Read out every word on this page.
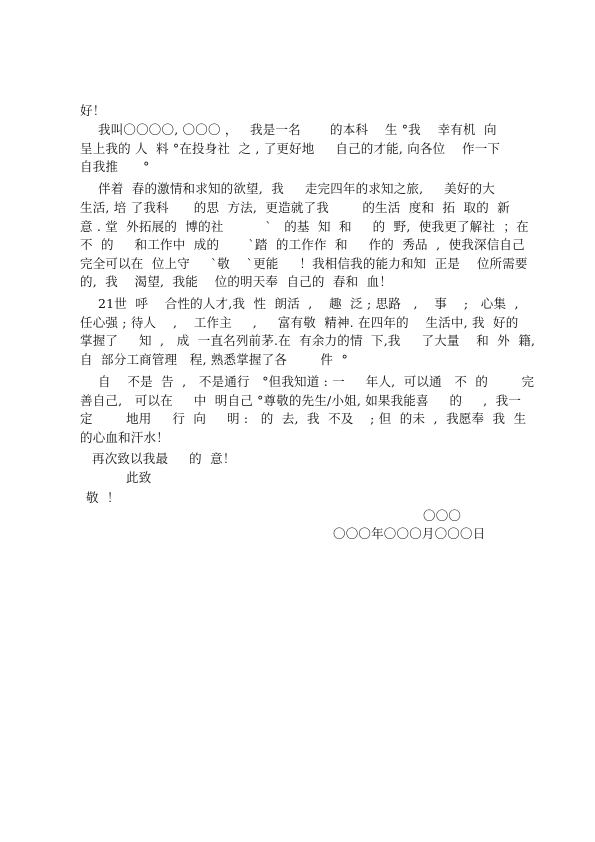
好！
我叫〇〇〇〇, 〇〇〇 ，   我是一名       的本科    生 °我    幸有机  向
呈上我的 人  料 °在投身社  之 , 了更好地     自己的才能, 向各位    作一下
自我推      °
伴着  春的激情和求知的欲望,  我     走完四年的求知之旅,     美好的大
生活, 培 了我科      的思  方法,  更造就了我        的生活  度和  拓  取的  新
意 . 堂  外拓展的  博的社          `   的基  知  和     的  野,  使我更了解社  ；在
不  的     和工作中  成的       `踏  的工作作  和     作的  秀品  ,  使我深信自己
完全可以在  位上守     `敬    `更能     ！我相信我的能力和知  正是    位所需要
的,  我    渴望,  我能    位的明天奉  自己的  春和  血！
21世  呼    合性的人才,我  性  朗活  ,    趣  泛 ; 思路   ,    事    ;   心集  ,
任心强 ; 待人    ,    工作主     ,     富有敬  精神. 在四年的    生活中, 我  好的
掌握了     知  ,   成  一直名列前茅.在  有余力的情  下,我     了大量    和  外  籍,
自  部分工商管理   程, 熟悉掌握了各        件  °
自    不是  告  ,   不是通行   °但我知道 : 一     年人,  可以通   不  的        完
善自己,   可以在     中  明自己 °尊敬的先生/小姐, 如果我能喜     的     ,  我一
定        地用     行  向     明 :   的  去,  我  不及    ; 但  的未  ,  我愿奉  我  生
的心血和汗水！
再次致以我最     的  意！
此致
敬  ！
〇〇〇
〇〇〇年〇〇〇月〇〇〇日
